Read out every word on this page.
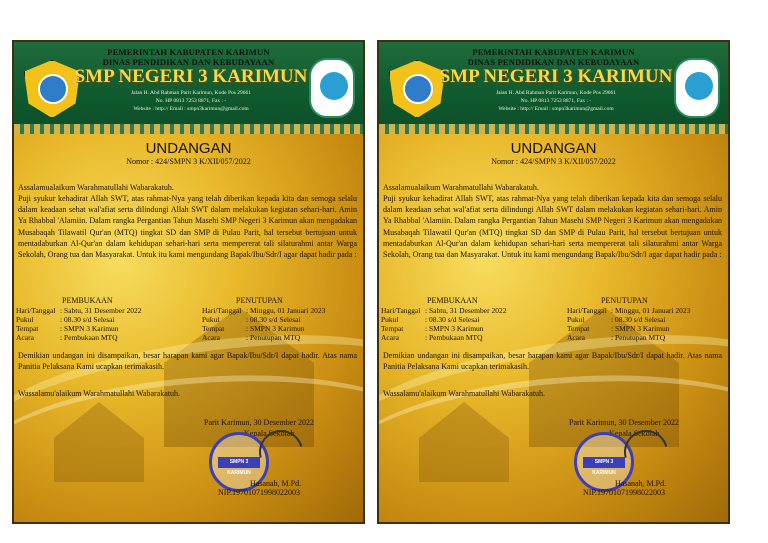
PEMERINTAH KABUPATEN KARIMUN
DINAS PENDIDIKAN DAN KEBUDAYAAN
SMP NEGERI 3 KARIMUN
Jalan H. Abd Rahman Parit Karimun, Kode Pos 29661
No. HP 0813 7253 8871, Fax : -
Website : http:// Email : smpn3karimun@gmail.com
UNDANGAN
Nomor : 424/SMPN 3 K/XII/057/2022
Assalamualaikum Warahmatullahi Wabarakatuh.
Puji syukur kehadirat Allah SWT, atas rahmat-Nya yang telah diberikan kepada kita dan semoga selalu dalam keadaan sehat wal'afiat serta dilindungi Allah SWT dalam melakukan kegiatan sehari-hari. Amin Ya Rhabbal 'Alamiin. Dalam rangka Pergantian Tahun Masehi SMP Negeri 3 Karimun akan mengadakan Musabaqah Tilawatil Qur'an (MTQ) tingkat SD dan SMP di Pulau Parit, hal tersebut bertujuan untuk mentadaburkan Al-Qur'an dalam kehidupan sehari-hari serta mempererat tali silaturahmi antar Warga Sekolah, Orang tua dan Masyarakat. Untuk itu kami mengundang Bapak/Ibu/Sdr/I agar dapat hadir pada :
PEMBUKAAN
Hari/Tanggal : Sabtu, 31 Desember 2022
Pukul	: 08.30 s/d Selesai
Tempat	: SMPN 3 Karimun
Acara	: Pembukaan MTQ
PENUTUPAN
Hari/Tanggal : Minggu, 01 Januari 2023
Pukul	: 08.30 s/d Selesai
Tempat	: SMPN 3 Karimun
Acara	: Penutupan MTQ
Demikian undangan ini disampaikan, besar harapan kami agar Bapak/Ibu/Sdr/I dapat hadir. Atas nama Panitia Pelaksana Kami ucapkan terimakasih.
Wassalamu'alaikum Warahmatullahi Wabarakatuh.
Parit Karimun, 30 Desember 2022
Kepala Sekolah
SMPN 3 KARIMUN
Hasanah, M.Pd.
NIP.19701071998022003
PEMERINTAH KABUPATEN KARIMUN
DINAS PENDIDIKAN DAN KEBUDAYAAN
SMP NEGERI 3 KARIMUN
Jalan H. Abd Rahman Parit Karimun, Kode Pos 29661
No. HP 0813 7253 8871, Fax : -
Website : http:// Email : smpn3karimun@gmail.com
UNDANGAN
Nomor : 424/SMPN 3 K/XII/057/2022
Assalamualaikum Warahmatullahi Wabarakatuh.
Puji syukur kehadirat Allah SWT, atas rahmat-Nya yang telah diberikan kepada kita dan semoga selalu dalam keadaan sehat wal'afiat serta dilindungi Allah SWT dalam melakukan kegiatan sehari-hari. Amin Ya Rhabbal 'Alamiin. Dalam rangka Pergantian Tahun Masehi SMP Negeri 3 Karimun akan mengadakan Musabaqah Tilawatil Qur'an (MTQ) tingkat SD dan SMP di Pulau Parit, hal tersebut bertujuan untuk mentadaburkan Al-Qur'an dalam kehidupan sehari-hari serta mempererat tali silaturahmi antar Warga Sekolah, Orang tua dan Masyarakat. Untuk itu kami mengundang Bapak/Ibu/Sdr/I agar dapat hadir pada :
PEMBUKAAN
Hari/Tanggal : Sabtu, 31 Desember 2022
Pukul	: 08.30 s/d Selesai
Tempat	: SMPN 3 Karimun
Acara	: Pembukaan MTQ
PENUTUPAN
Hari/Tanggal : Minggu, 01 Januari 2023
Pukul	: 08.30 s/d Selesai
Tempat	: SMPN 3 Karimun
Acara	: Penutupan MTQ
Demikian undangan ini disampaikan, besar harapan kami agar Bapak/Ibu/Sdr/I dapat hadir. Atas nama Panitia Pelaksana Kami ucapkan terimakasih.
Wassalamu'alaikum Warahmatullahi Wabarakatuh.
Parit Karimun, 30 Desember 2022
Kepala Sekolah
SMPN 3 KARIMUN
Hasanah, M.Pd.
NIP.19701071998022003
